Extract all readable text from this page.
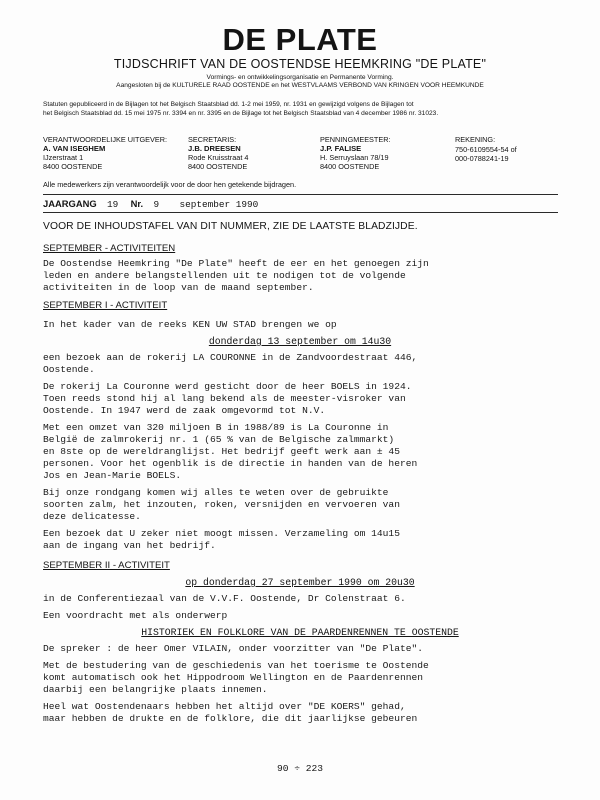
DE PLATE
TIJDSCHRIFT VAN DE OOSTENDSE HEEMKRING "DE PLATE"
Vormings- en ontwikkelingsorganisatie en Permanente Vorming.
Aangesloten bij de KULTURELE RAAD OOSTENDE en het WESTVLAAMS VERBOND VAN KRINGEN VOOR HEEMKUNDE
Statuten gepubliceerd in de Bijlagen tot het Belgisch Staatsblad dd. 1-2 mei 1959, nr. 1931 en gewijzigd volgens de Bijlagen tot
het Belgisch Staatsblad dd. 15 mei 1975 nr. 3394 en nr. 3395 en de Bijlage tot het Belgisch Staatsblad van 4 december 1986 nr. 31023.
VERANTWOORDELIJKE UITGEVER:
A. VAN ISEGHEM
IJzerstraat 1
8400 OOSTENDE
SECRETARIS:
J.B. DREESEN
Rode Kruisstraat 4
8400 OOSTENDE
PENNINGMEESTER:
J.P. FALISE
H. Serruyslaan 78/19
8400 OOSTENDE
REKENING:
750-6109554-54 of
000-0788241-19
Alle medewerkers zijn verantwoordelijk voor de door hen getekende bijdragen.
JAARGANG 19 Nr. 9 september 1990
VOOR DE INHOUDSTAFEL VAN DIT NUMMER, ZIE DE LAATSTE BLADZIJDE.
SEPTEMBER - ACTIVITEITEN
De Oostendse Heemkring "De Plate" heeft de eer en het genoegen zijn
leden en andere belangstellenden uit te nodigen tot de volgende
activiteiten in de loop van de maand september.
SEPTEMBER I - ACTIVITEIT
In het kader van de reeks KEN UW STAD brengen we op
donderdag 13 september om 14u30
een bezoek aan de rokerij LA COURONNE in de Zandvoordestraat 446,
Oostende.
De rokerij La Couronne werd gesticht door de heer BOELS in 1924.
Toen reeds stond hij al lang bekend als de meester-visroker van
Oostende. In 1947 werd de zaak omgevormd tot N.V.
Met een omzet van 320 miljoen B in 1988/89 is La Couronne in
België de zalmrokerij nr. 1 (65 % van de Belgische zalmmarkt)
en 8ste op de wereldranglijst. Het bedrijf geeft werk aan ± 45
personen. Voor het ogenblik is de directie in handen van de heren
Jos en Jean-Marie BOELS.
Bij onze rondgang komen wij alles te weten over de gebruikte
soorten zalm, het inzouten, roken, versnijden en vervoeren van
deze delicatesse.
Een bezoek dat U zeker niet moogt missen. Verzameling om 14u15
aan de ingang van het bedrijf.
SEPTEMBER II - ACTIVITEIT
op donderdag 27 september 1990 om 20u30
in de Conferentiezaal van de V.V.F. Oostende, Dr Colenstraat 6.
Een voordracht met als onderwerp
HISTORIEK EN FOLKLORE VAN DE PAARDENRENNEN TE OOSTENDE
De spreker : de heer Omer VILAIN, onder voorzitter van "De Plate".
Met de bestudering van de geschiedenis van het toerisme te Oostende
komt automatisch ook het Hippodroom Wellington en de Paardenrennen
daarbij een belangrijke plaats innemen.
Heel wat Oostendenaars hebben het altijd over "DE KOERS" gehad,
maar hebben de drukte en de folklore, die dit jaarlijkse gebeuren
90 ÷ 223
